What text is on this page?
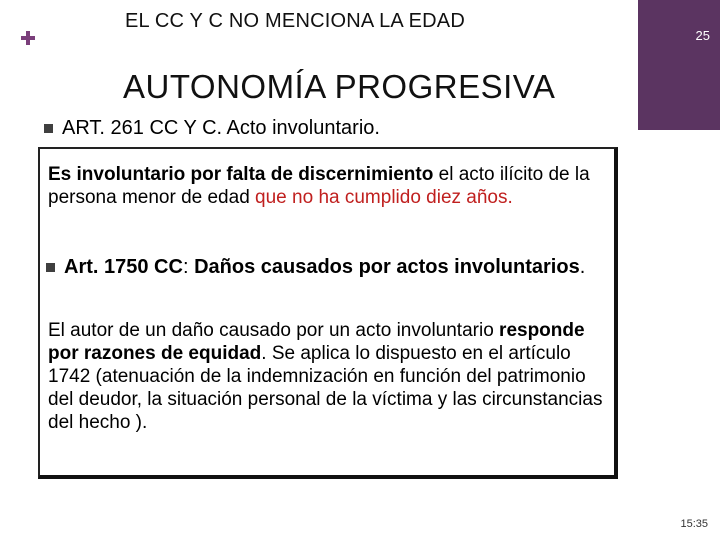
EL CC Y C NO MENCIONA LA EDAD
25
AUTONOMÍA PROGRESIVA
ART. 261 CC Y C. Acto involuntario.

Es involuntario por falta de discernimiento el acto ilícito de la persona menor de edad que no ha cumplido diez años.

Art. 1750 CC: Daños causados por actos involuntarios.

El autor de un daño causado por un acto involuntario responde por razones de equidad. Se aplica lo dispuesto en el artículo 1742 (atenuación de la indemnización en función del patrimonio del deudor, la situación personal de la víctima y las circunstancias del hecho ).

15:35
